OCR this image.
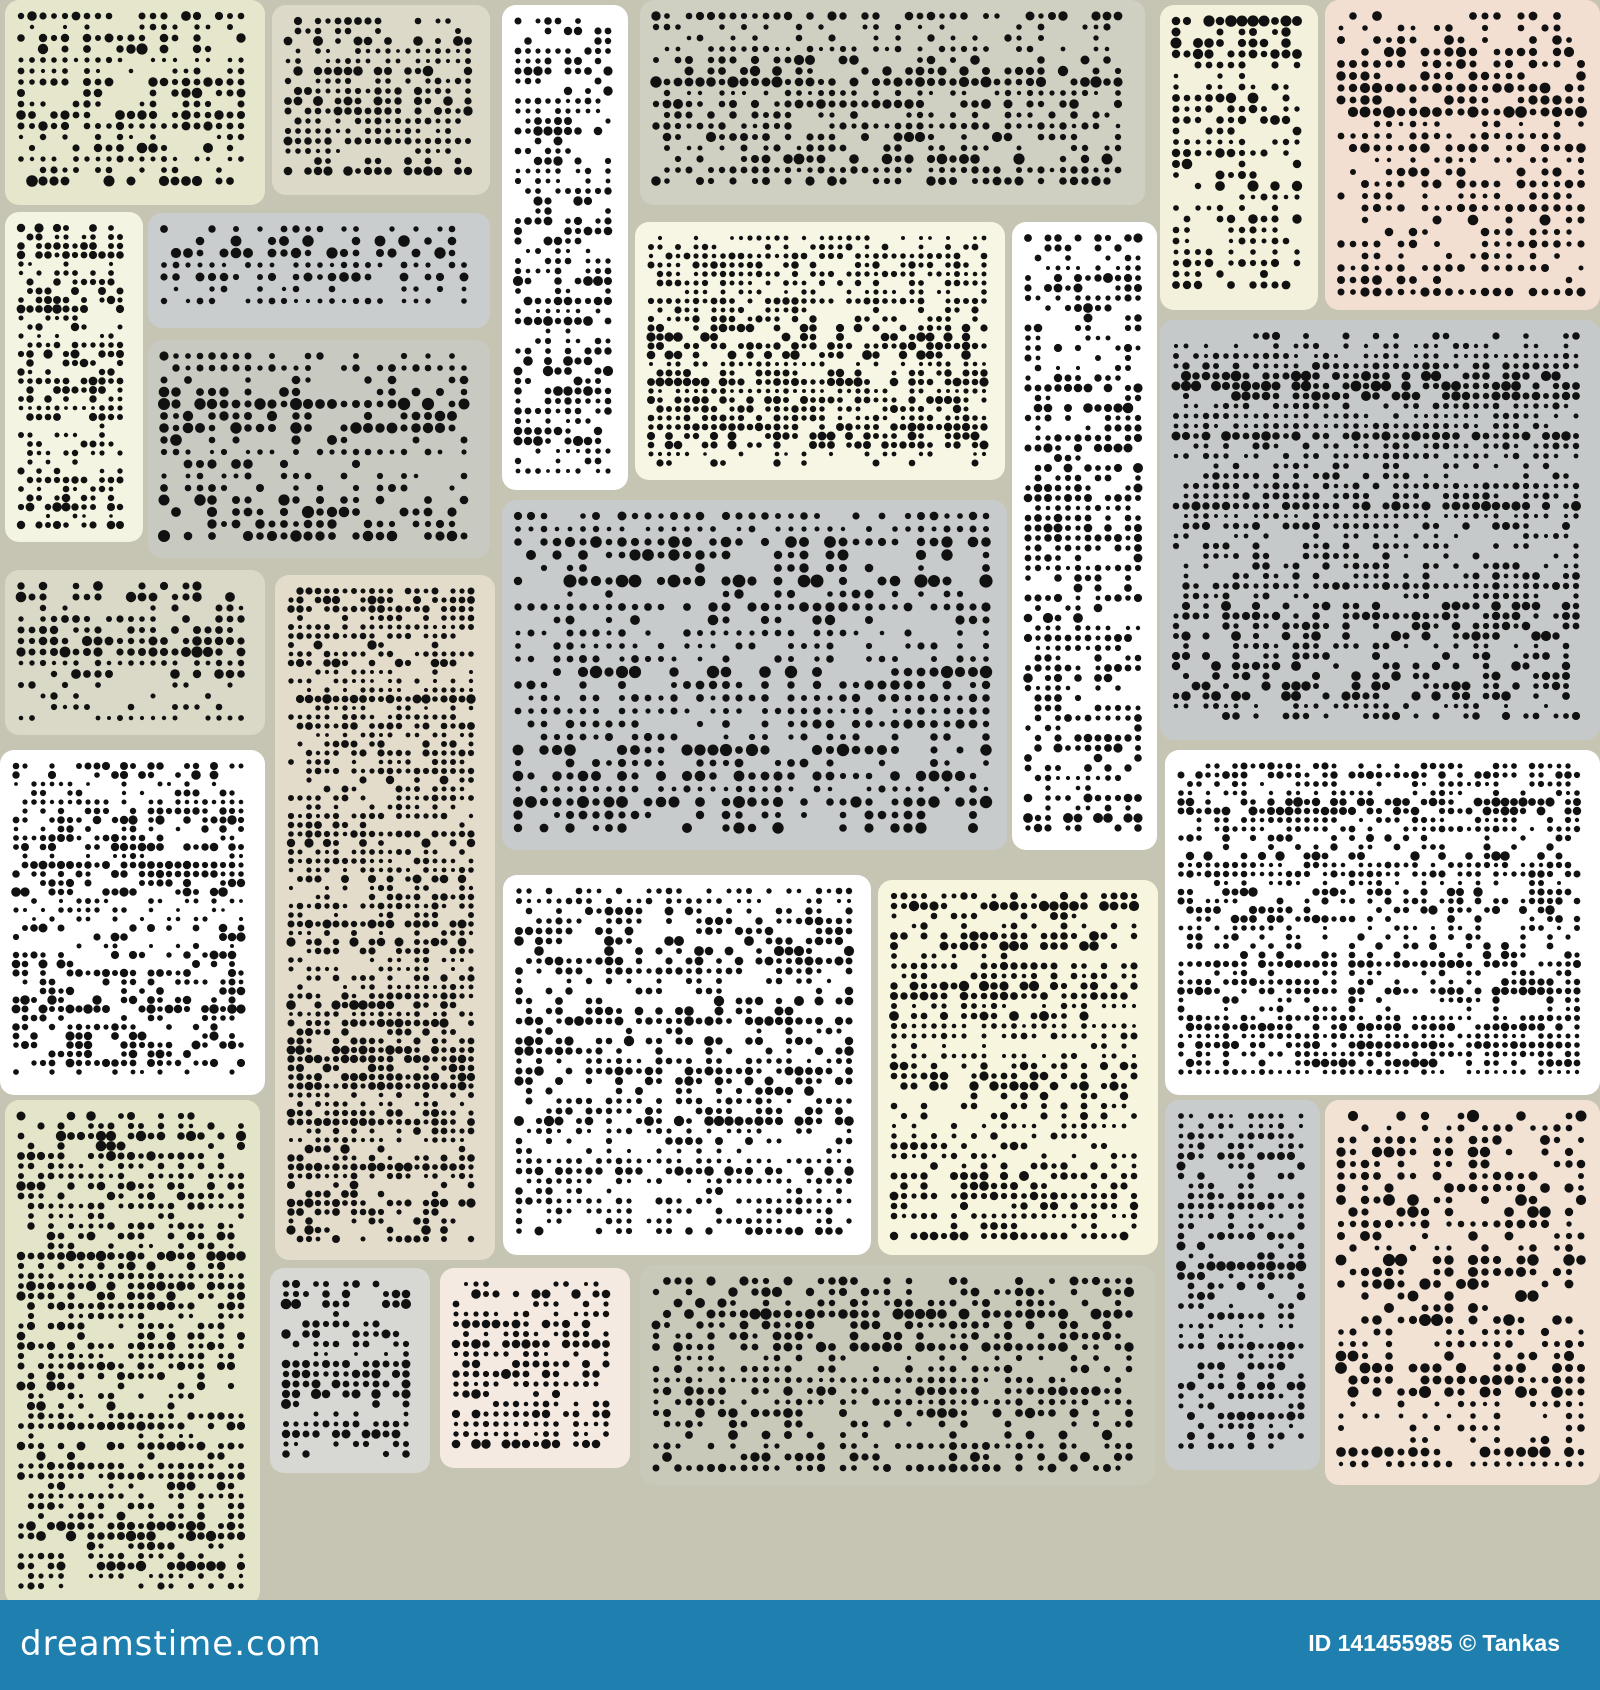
dreamstime.com	ID 141455985 © Tankas
